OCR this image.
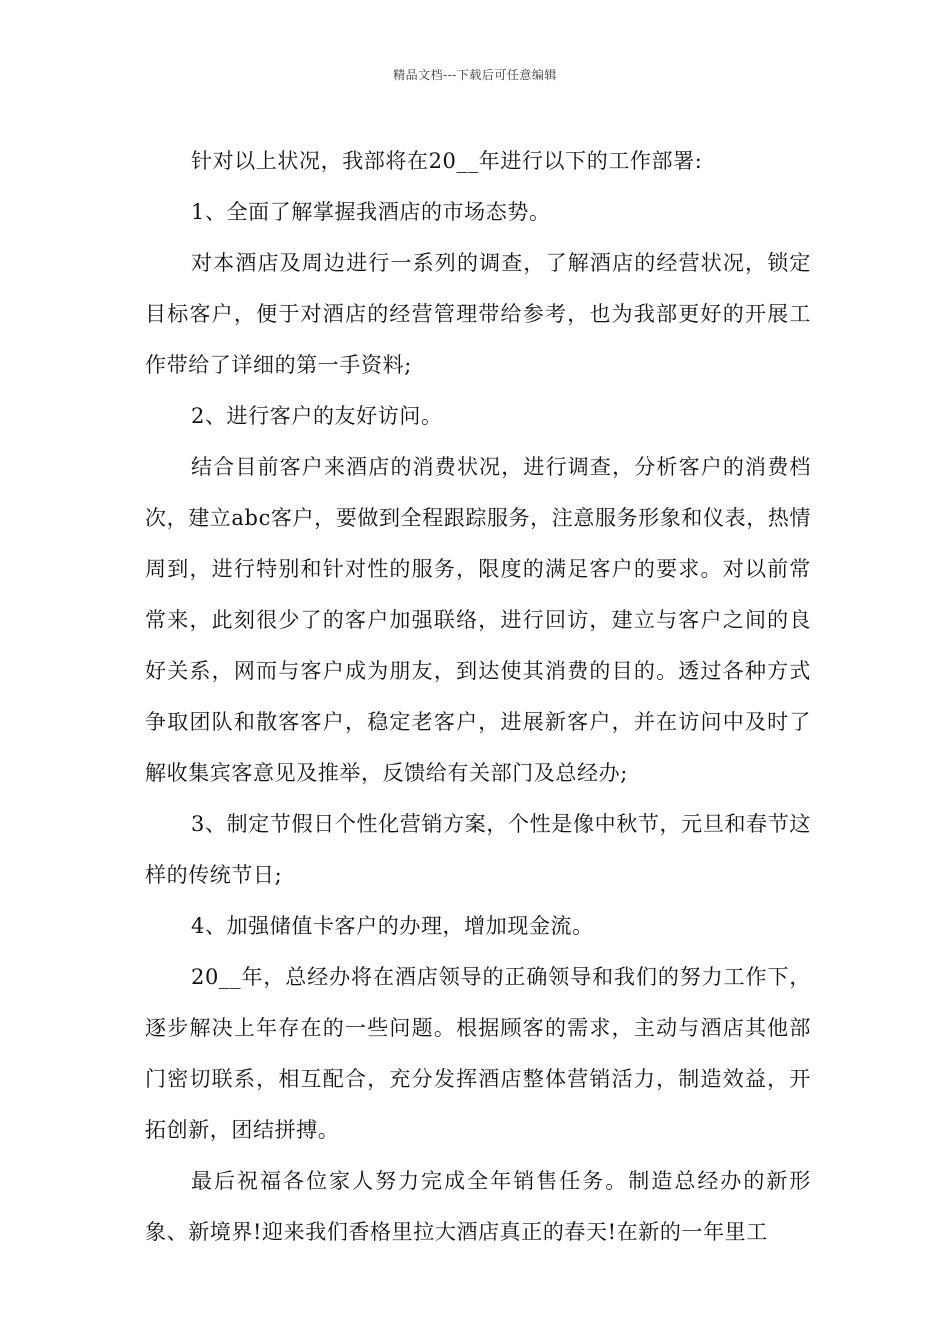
精品文档---下载后可任意编辑

针对以上状况，我部将在20__年进行以下的工作部署:

1、全面了解掌握我酒店的市场态势。

对本酒店及周边进行一系列的调查，了解酒店的经营状况，锁定目标客户，便于对酒店的经营管理带给参考，也为我部更好的开展工作带给了详细的第一手资料;

2、进行客户的友好访问。

结合目前客户来酒店的消费状况，进行调查，分析客户的消费档次，建立abc客户，要做到全程跟踪服务，注意服务形象和仪表，热情周到，进行特别和针对性的服务，限度的满足客户的要求。对以前常常来，此刻很少了的客户加强联络，进行回访，建立与客户之间的良好关系，网而与客户成为朋友，到达使其消费的目的。透过各种方式争取团队和散客客户，稳定老客户，进展新客户，并在访问中及时了解收集宾客意见及推举，反馈给有关部门及总经办;

3、制定节假日个性化营销方案，个性是像中秋节，元旦和春节这样的传统节日;

4、加强储值卡客户的办理，增加现金流。

20__年，总经办将在酒店领导的正确领导和我们的努力工作下，逐步解决上年存在的一些问题。根据顾客的需求，主动与酒店其他部门密切联系，相互配合，充分发挥酒店整体营销活力，制造效益，开拓创新，团结拼搏。

最后祝福各位家人努力完成全年销售任务。制造总经办的新形象、新境界!迎来我们香格里拉大酒店真正的春天!在新的一年里工
